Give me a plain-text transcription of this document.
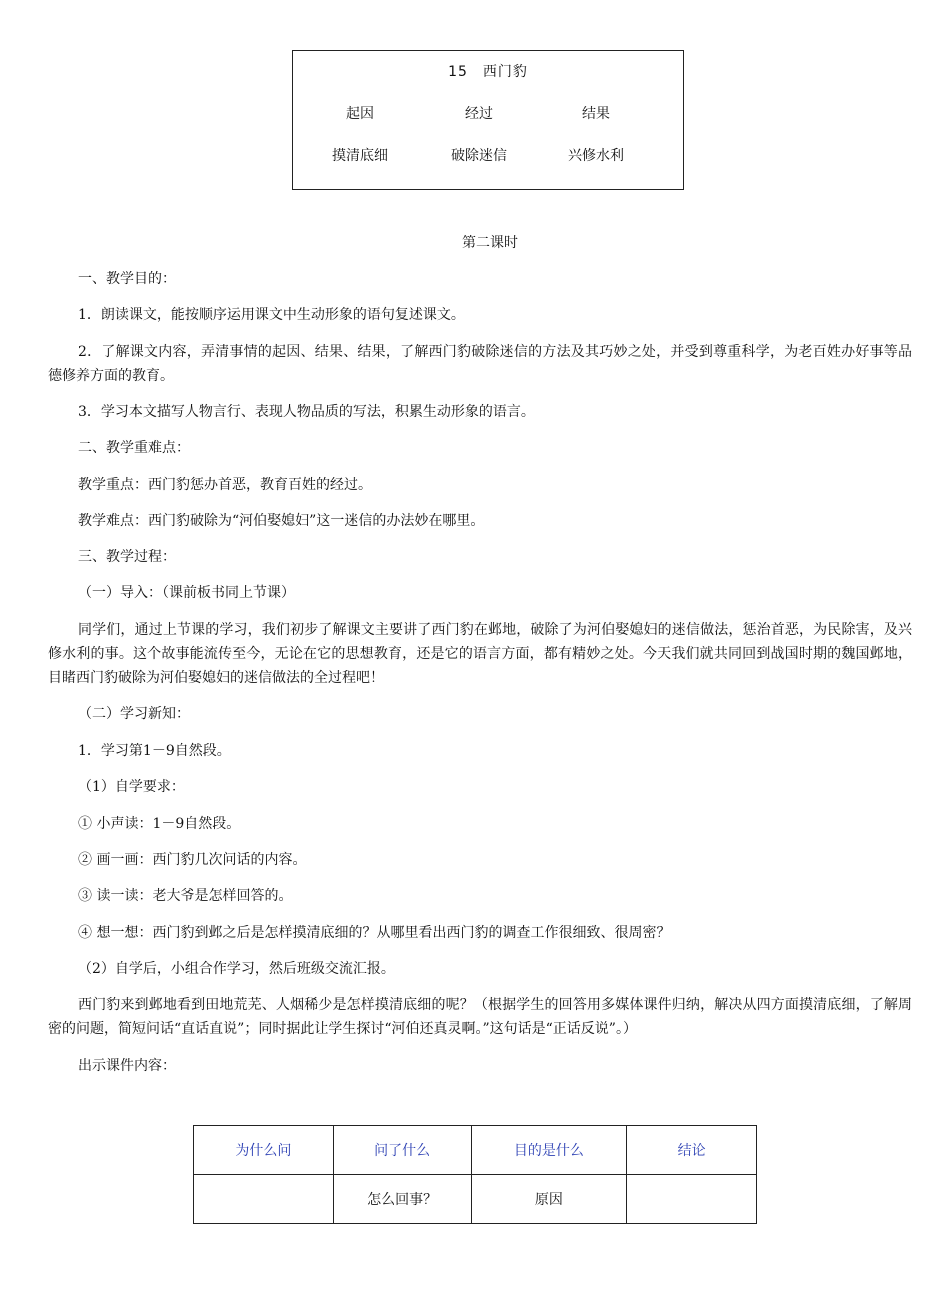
15　西门豹
起因	经过	结果
摸清底细	破除迷信	兴修水利
第二课时

一、教学目的：

1．朗读课文，能按顺序运用课文中生动形象的语句复述课文。

2．了解课文内容，弄清事情的起因、结果、结果，了解西门豹破除迷信的方法及其巧妙之处，并受到尊重科学，为老百姓办好事等品德修养方面的教育。

3．学习本文描写人物言行、表现人物品质的写法，积累生动形象的语言。

二、教学重难点：

教学重点：西门豹惩办首恶，教育百姓的经过。

教学难点：西门豹破除为“河伯娶媳妇”这一迷信的办法妙在哪里。

三、教学过程：

（一）导入：（课前板书同上节课）

同学们，通过上节课的学习，我们初步了解课文主要讲了西门豹在邺地，破除了为河伯娶媳妇的迷信做法，惩治首恶，为民除害，及兴修水利的事。这个故事能流传至今，无论在它的思想教育，还是它的语言方面，都有精妙之处。今天我们就共同回到战国时期的魏国邺地，目睹西门豹破除为河伯娶媳妇的迷信做法的全过程吧！

（二）学习新知：

1．学习第1－9自然段。

（1）自学要求：

① 小声读：1－9自然段。

② 画一画：西门豹几次问话的内容。

③ 读一读：老大爷是怎样回答的。

④ 想一想：西门豹到邺之后是怎样摸清底细的？从哪里看出西门豹的调查工作很细致、很周密？

（2）自学后，小组合作学习，然后班级交流汇报。

西门豹来到邺地看到田地荒芜、人烟稀少是怎样摸清底细的呢？（根据学生的回答用多媒体课件归纳，解决从四方面摸清底细，了解周密的问题，简短问话“直话直说”；同时据此让学生探讨“河伯还真灵啊。”这句话是“正话反说”。）

出示课件内容：

为什么问	问了什么	目的是什么	结论
	怎么回事？	原因	
